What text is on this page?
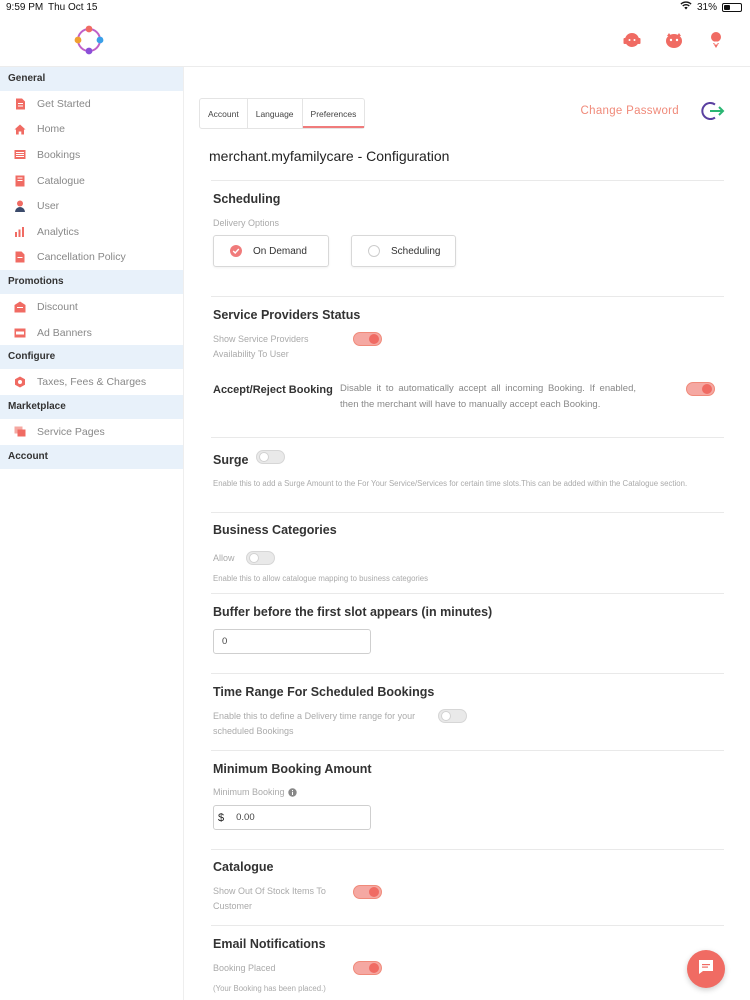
9:59 PM Thu Oct 15	31%
General
Get Started
Home
Bookings
Catalogue
User
Analytics
Cancellation Policy
Promotions
Discount
Ad Banners
Configure
Taxes, Fees & Charges
Marketplace
Service Pages
Account
Account	Language	Preferences	Change Password
merchant.myfamilycare - Configuration
Scheduling
Delivery Options
On Demand	Scheduling
Service Providers Status
Show Service Providers Availability To User
Accept/Reject Booking Disable it to automatically accept all incoming Booking. If enabled, then the merchant will have to manually accept each Booking.
Surge
Enable this to add a Surge Amount to the For Your Service/Services for certain time slots.This can be added within the Catalogue section.
Business Categories
Allow
Enable this to allow catalogue mapping to business categories
Buffer before the first slot appears (in minutes)
0
Time Range For Scheduled Bookings
Enable this to define a Delivery time range for your scheduled Bookings
Minimum Booking Amount
Minimum Booking
$ 0.00
Catalogue
Show Out Of Stock Items To Customer
Email Notifications
Booking Placed
(Your Booking has been placed.)
